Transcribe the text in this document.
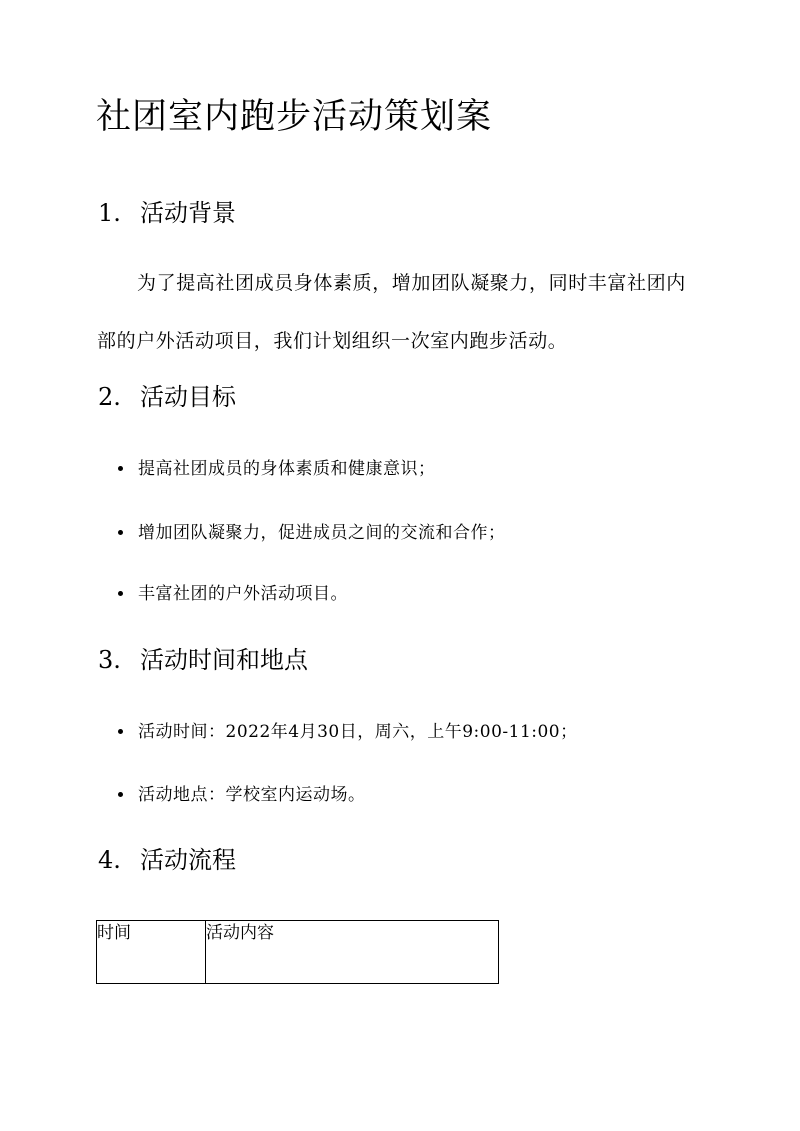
社团室内跑步活动策划案
1. 活动背景

为了提高社团成员身体素质，增加团队凝聚力，同时丰富社团内部的户外活动项目，我们计划组织一次室内跑步活动。

2. 活动目标

提高社团成员的身体素质和健康意识；

增加团队凝聚力，促进成员之间的交流和合作；

丰富社团的户外活动项目。

3. 活动时间和地点

活动时间：2022年4月30日，周六，上午9:00-11:00；

活动地点：学校室内运动场。

4. 活动流程
时间	活动内容
